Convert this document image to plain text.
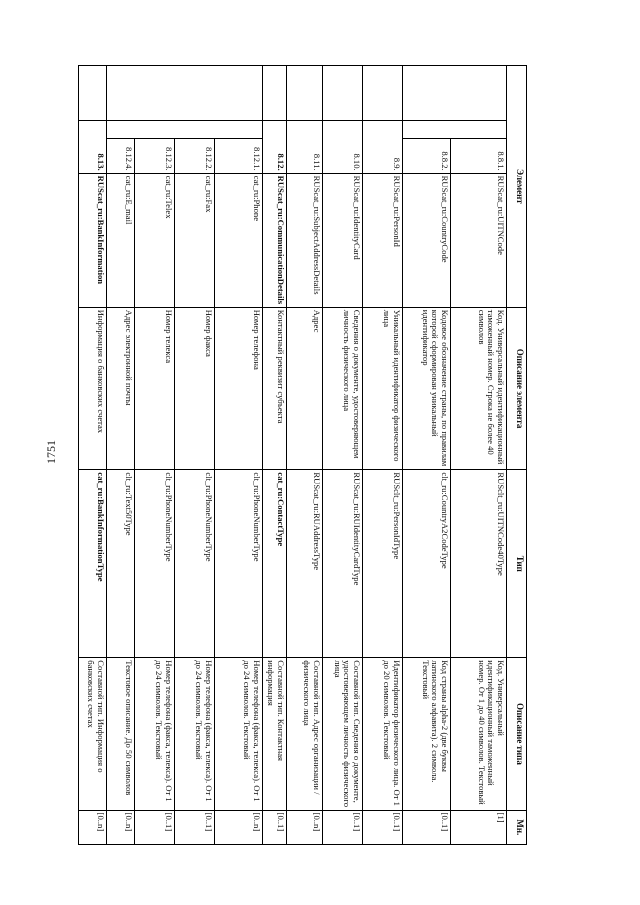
1751
Элемент				Описание элемента	Тип	Описание типа	Мн.
		8.8.1.	RUScat_ru:UITNCode	Код. Универсальный идентификационный таможенный номер. Строка не более 40 символов	RUSclt_ru:UITNCode40Type	Код. Универсальный идентификационный таможенный номер. От 1 до 40 символов. Текстовый	[1]
		8.8.2.	RUScat_ru:CountryCode	Кодовое обозначение страны, по правилам которой сформирован уникальный идентификатор	clt_ru:CountryA2CodeType	Код страны alpha-2 (две буквы латинского алфавита). 2 символа. Текстовый	[0..1]
	8.9.		RUScat_ru:PersonId	Уникальный идентификатор физического лица	RUSclt_ru:PersonIdType	Идентификатор физического лица. От 1 до 20 символов. Текстовый	[0..1]
	8.10.		RUScat_ru:IdentityCard	Сведения о документе, удостоверяющем личность физического лица	RUScat_ru:RUIdentityCardType	Составной тип. Сведения о документе, удостоверяющем личность физического лица	[0..1]
	8.11.		RUScat_ru:SubjectAddressDetails	Адрес	RUScat_ru:RUAddressType	Составной тип. Адрес организации / физического лица	[0..n]
	8.12.		RUScat_ru:CommunicationDetails	Контактный реквизит субъекта	cat_ru:ContactType	Составной тип. Контактная информация	[0..1]
		8.12.1.	cat_ru:Phone	Номер телефона	clt_ru:PhoneNumberType	Номер телефона (факса, телекса). От 1 до 24 символов. Текстовый	[0..n]
		8.12.2.	cat_ru:Fax	Номер факса	clt_ru:PhoneNumberType	Номер телефона (факса, телекса). От 1 до 24 символов. Текстовый	[0..1]
		8.12.3.	cat_ru:Telex	Номер телекса	clt_ru:PhoneNumberType	Номер телефона (факса, телекса). От 1 до 24 символов. Текстовый	[0..1]
		8.12.4.	cat_ru:E_mail	Адрес электронной почты	clt_ru:Text50Type	Текстовое описание. До 50 символов	[0..n]
	8.13.		RUScat_ru:BankInformation	Информация о банковских счетах	cat_ru:BankInformationType	Составной тип. Информация о банковских счетах	[0..n]
